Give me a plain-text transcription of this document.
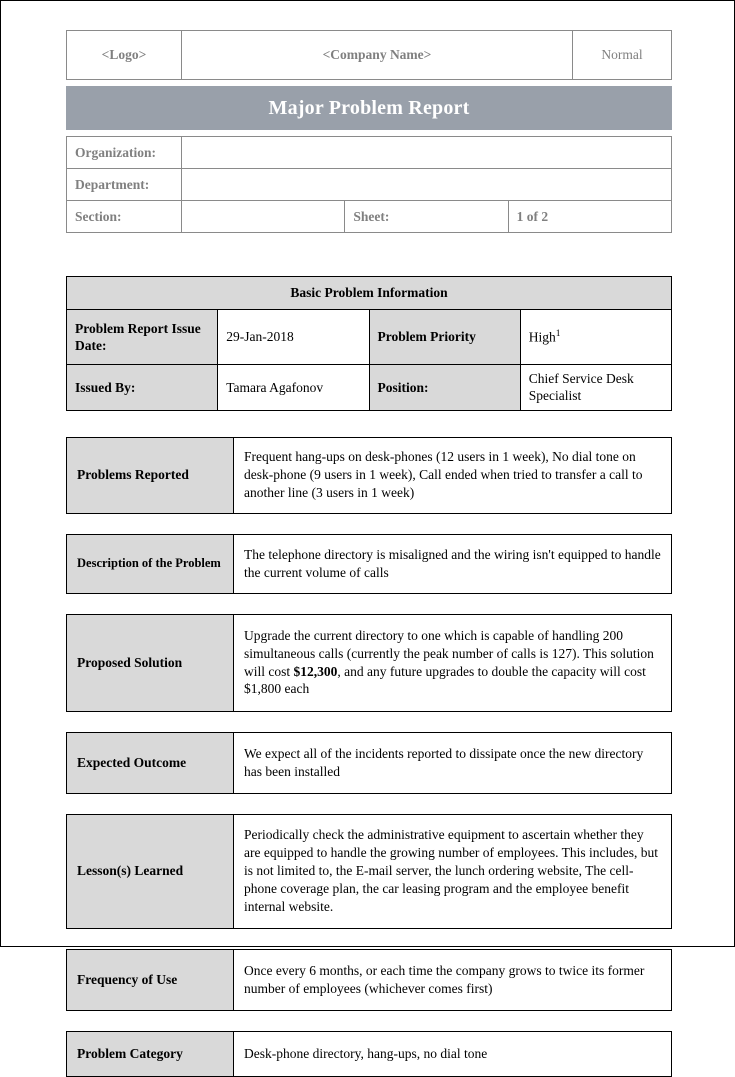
<Logo>	<Company Name>	Normal
Major Problem Report
Organization:			
Department:			
Section:		Sheet:	1 of 2
Basic Problem Information			
Problem Report Issue Date:	29-Jan-2018	Problem Priority	High$^1$
Issued By:	Tamara Agafonov	Position:	Chief Service Desk Specialist
Problems Reported	Frequent hang-ups on desk-phones (12 users in 1 week), No dial tone on desk-phone (9 users in 1 week), Call ended when tried to transfer a call to another line (3 users in 1 week)
Description of the Problem	The telephone directory is misaligned and the wiring isn't equipped to handle the current volume of calls
Proposed Solution	Upgrade the current directory to one which is capable of handling 200 simultaneous calls (currently the peak number of calls is 127). This solution will cost $12,300, and any future upgrades to double the capacity will cost $1,800 each
Expected Outcome	We expect all of the incidents reported to dissipate once the new directory has been installed
Lesson(s) Learned	Periodically check the administrative equipment to ascertain whether they are equipped to handle the growing number of employees. This includes, but is not limited to, the E-mail server, the lunch ordering website, The cell-phone coverage plan, the car leasing program and the employee benefit internal website.
Frequency of Use	Once every 6 months, or each time the company grows to twice its former number of employees (whichever comes first)
Problem Category	Desk-phone directory, hang-ups, no dial tone
